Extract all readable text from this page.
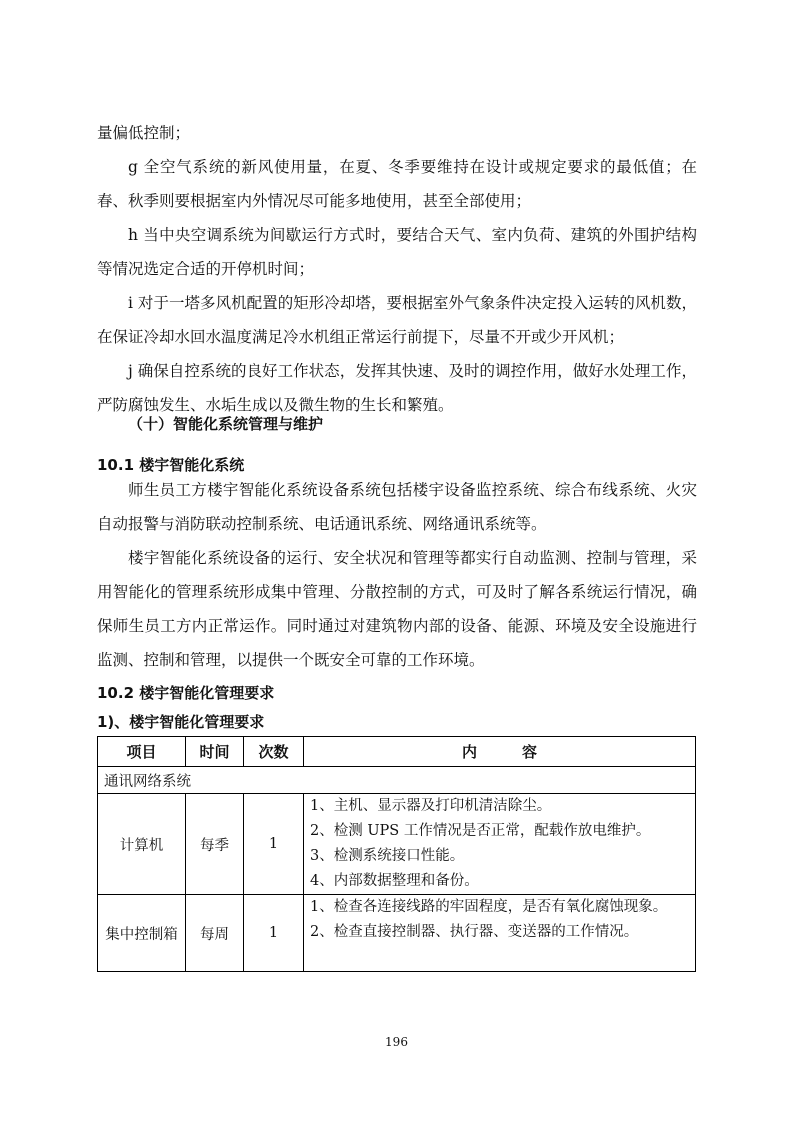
量偏低控制；

g 全空气系统的新风使用量，在夏、冬季要维持在设计或规定要求的最低值；在春、秋季则要根据室内外情况尽可能多地使用，甚至全部使用；

h 当中央空调系统为间歇运行方式时，要结合天气、室内负荷、建筑的外围护结构等情况选定合适的开停机时间；

i 对于一塔多风机配置的矩形冷却塔，要根据室外气象条件决定投入运转的风机数，在保证冷却水回水温度满足冷水机组正常运行前提下，尽量不开或少开风机；

j 确保自控系统的良好工作状态，发挥其快速、及时的调控作用，做好水处理工作，严防腐蚀发生、水垢生成以及微生物的生长和繁殖。

（十）智能化系统管理与维护
10.1 楼宇智能化系统

师生员工方楼宇智能化系统设备系统包括楼宇设备监控系统、综合布线系统、火灾自动报警与消防联动控制系统、电话通讯系统、网络通讯系统等。

楼宇智能化系统设备的运行、安全状况和管理等都实行自动监测、控制与管理，采用智能化的管理系统形成集中管理、分散控制的方式，可及时了解各系统运行情况，确保师生员工方内正常运作。同时通过对建筑物内部的设备、能源、环境及安全设施进行监测、控制和管理，以提供一个既安全可靠的工作环境。

10.2 楼宇智能化管理要求
1)、楼宇智能化管理要求
项目	时间	次数	内　　　容
通讯网络系统			
计算机	每季	1	1、主机、显示器及打印机清洁除尘。
2、检测 UPS 工作情况是否正常，配载作放电维护。
3、检测系统接口性能。
4、内部数据整理和备份。

集中控制箱	每周	1	1、检查各连接线路的牢固程度，是否有氧化腐蚀现象。
2、检查直接控制器、执行器、变送器的工作情况。
196
